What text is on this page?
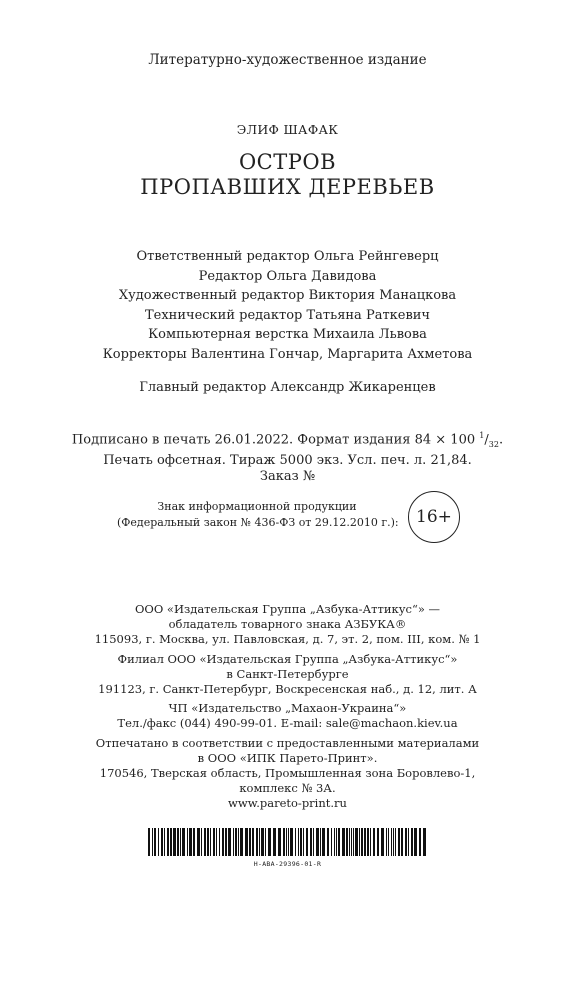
Литературно-художественное издание
ЭЛИФ ШАФАК
ОСТРОВ
ПРОПАВШИХ ДЕРЕВЬЕВ
Ответственный редактор Ольга Рейнгеверц
Редактор Ольга Давидова
Художественный редактор Виктория Манацкова
Технический редактор Татьяна Раткевич
Компьютерная верстка Михаила Львова
Корректоры Валентина Гончар, Маргарита Ахметова
Главный редактор Александр Жикаренцев
Подписано в печать 26.01.2022. Формат издания 84 × 100 $^1/_{32}$.
Печать офсетная. Тираж 5000 экз. Усл. печ. л. 21,84.
Заказ №
Знак информационной продукции
(Федеральный закон № 436-ФЗ от 29.12.2010 г.):	16+
ООО «Издательская Группа „Азбука-Аттикус“» —
обладатель товарного знака АЗБУКА®
115093, г. Москва, ул. Павловская, д. 7, эт. 2, пом. III, ком. № 1
Филиал ООО «Издательская Группа „Азбука-Аттикус“»
в Санкт-Петербурге
191123, г. Санкт-Петербург, Воскресенская наб., д. 12, лит. А
ЧП «Издательство „Махаон-Украина“»
Тел./факс (044) 490-99-01. E-mail: sale@machaon.kiev.ua
Отпечатано в соответствии с предоставленными материалами
в ООО «ИПК Парето-Принт».
170546, Тверская область, Промышленная зона Боровлево-1,
комплекс № 3А.
www.pareto-print.ru
H-ABA-29396-01-R
